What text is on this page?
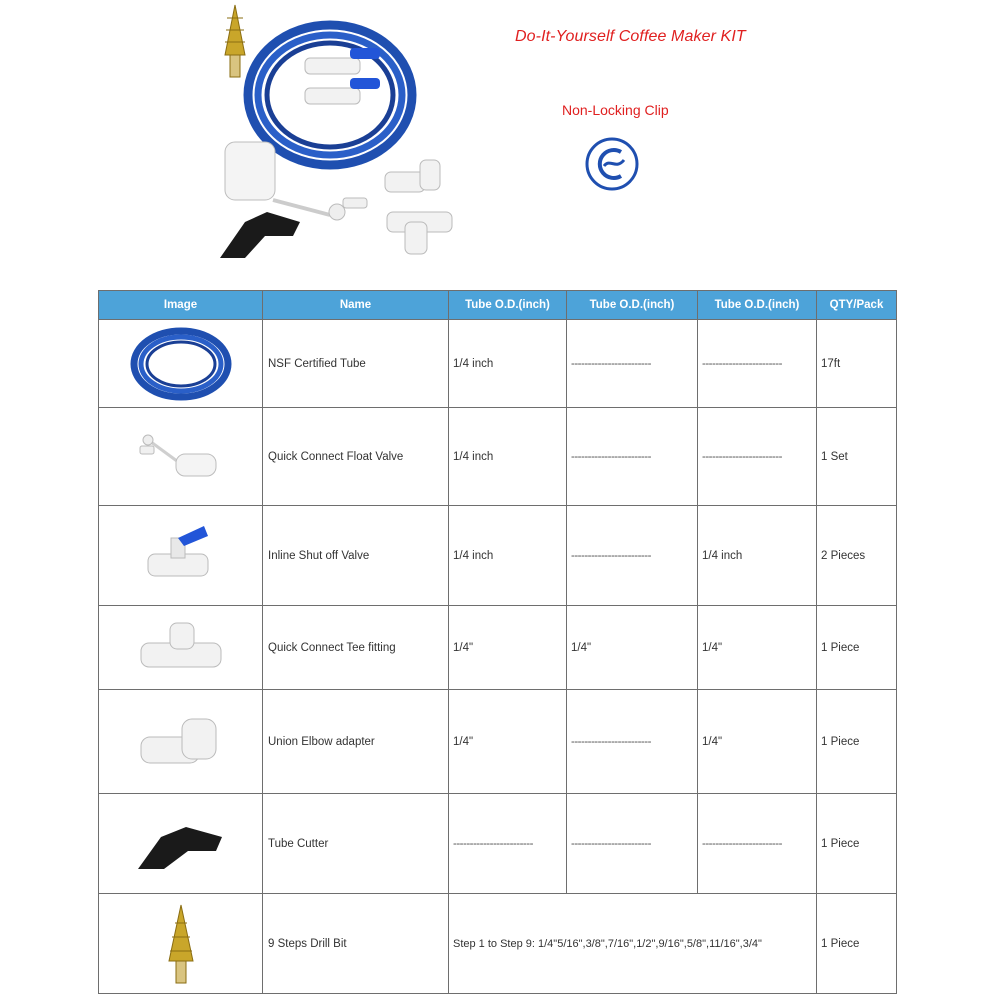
Do-It-Yourself Coffee Maker KIT
Non-Locking Clip
Image	Name	Tube O.D.(inch)	Tube O.D.(inch)	Tube O.D.(inch)	QTY/Pack

	NSF Certified Tube	1/4 inch	------------------------	------------------------	17ft

	Quick Connect Float Valve	1/4 inch	------------------------	------------------------	1 Set

	Inline Shut off Valve	1/4 inch	------------------------	1/4 inch	2 Pieces

	Quick Connect Tee fitting	1/4"	1/4"	1/4"	1 Piece

	Union Elbow adapter	1/4"	------------------------	1/4"	1 Piece

	Tube Cutter	------------------------	------------------------	------------------------	1 Piece

	9 Steps Drill Bit	Step 1 to Step 9: 1/4"5/16",3/8",7/16",1/2",9/16",5/8",11/16",3/4"			1 Piece
